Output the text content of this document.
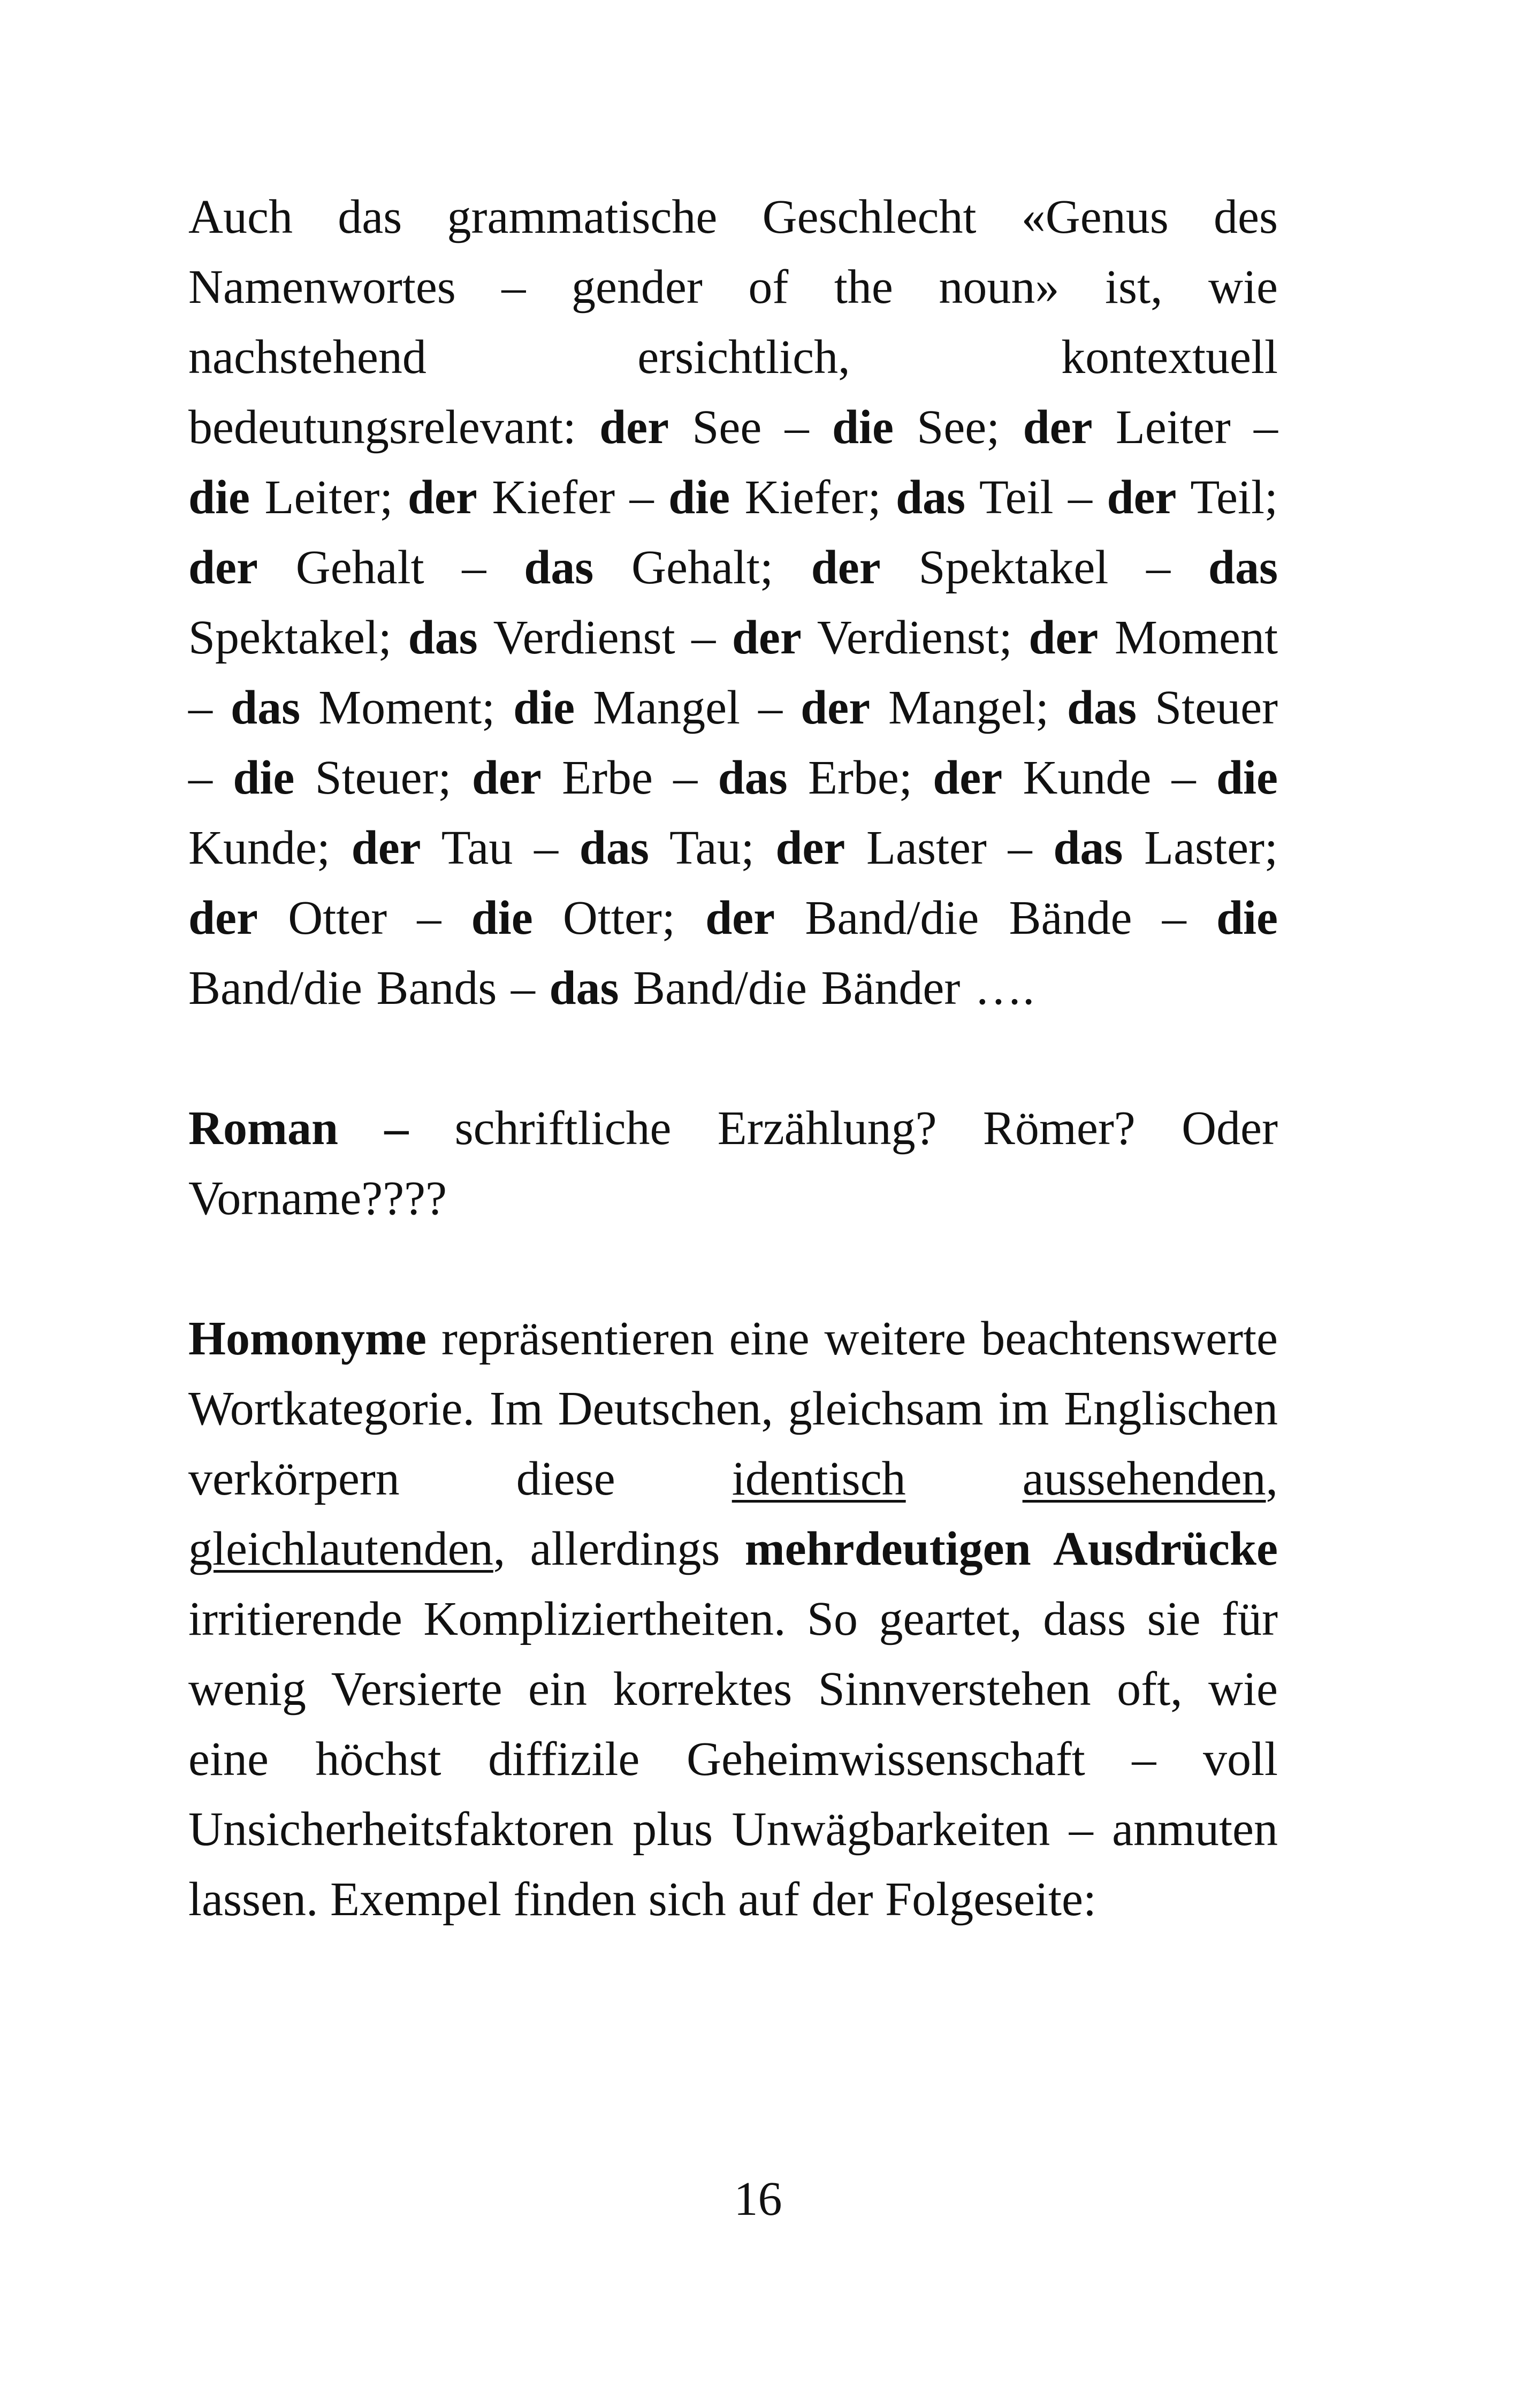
Auch das grammatische Geschlecht «Genus des Namenwortes – gender of the noun» ist, wie nachstehend ersichtlich, kontextuell bedeutungsrelevant: der See – die See; der Leiter – die Leiter; der Kiefer – die Kiefer; das Teil – der Teil; der Gehalt – das Gehalt; der Spektakel – das Spektakel; das Verdienst – der Verdienst; der Moment – das Moment; die Mangel – der Mangel; das Steuer – die Steuer; der Erbe – das Erbe; der Kunde – die Kunde; der Tau – das Tau; der Laster – das Laster; der Otter – die Otter; der Band/die Bände – die Band/die Bands – das Band/die Bänder ….

Roman – schriftliche Erzählung? Römer? Oder Vorname????

Homonyme repräsentieren eine weitere beachtenswerte Wortkategorie. Im Deutschen, gleichsam im Englischen verkörpern diese identisch aussehenden, gleichlautenden, allerdings mehrdeutigen Ausdrücke irritierende Kompliziertheiten. So geartet, dass sie für wenig Versierte ein korrektes Sinnverstehen oft, wie eine höchst diffizile Geheimwissenschaft – voll Unsicherheitsfaktoren plus Unwägbarkeiten – anmuten lassen. Exempel finden sich auf der Folgeseite:

16
